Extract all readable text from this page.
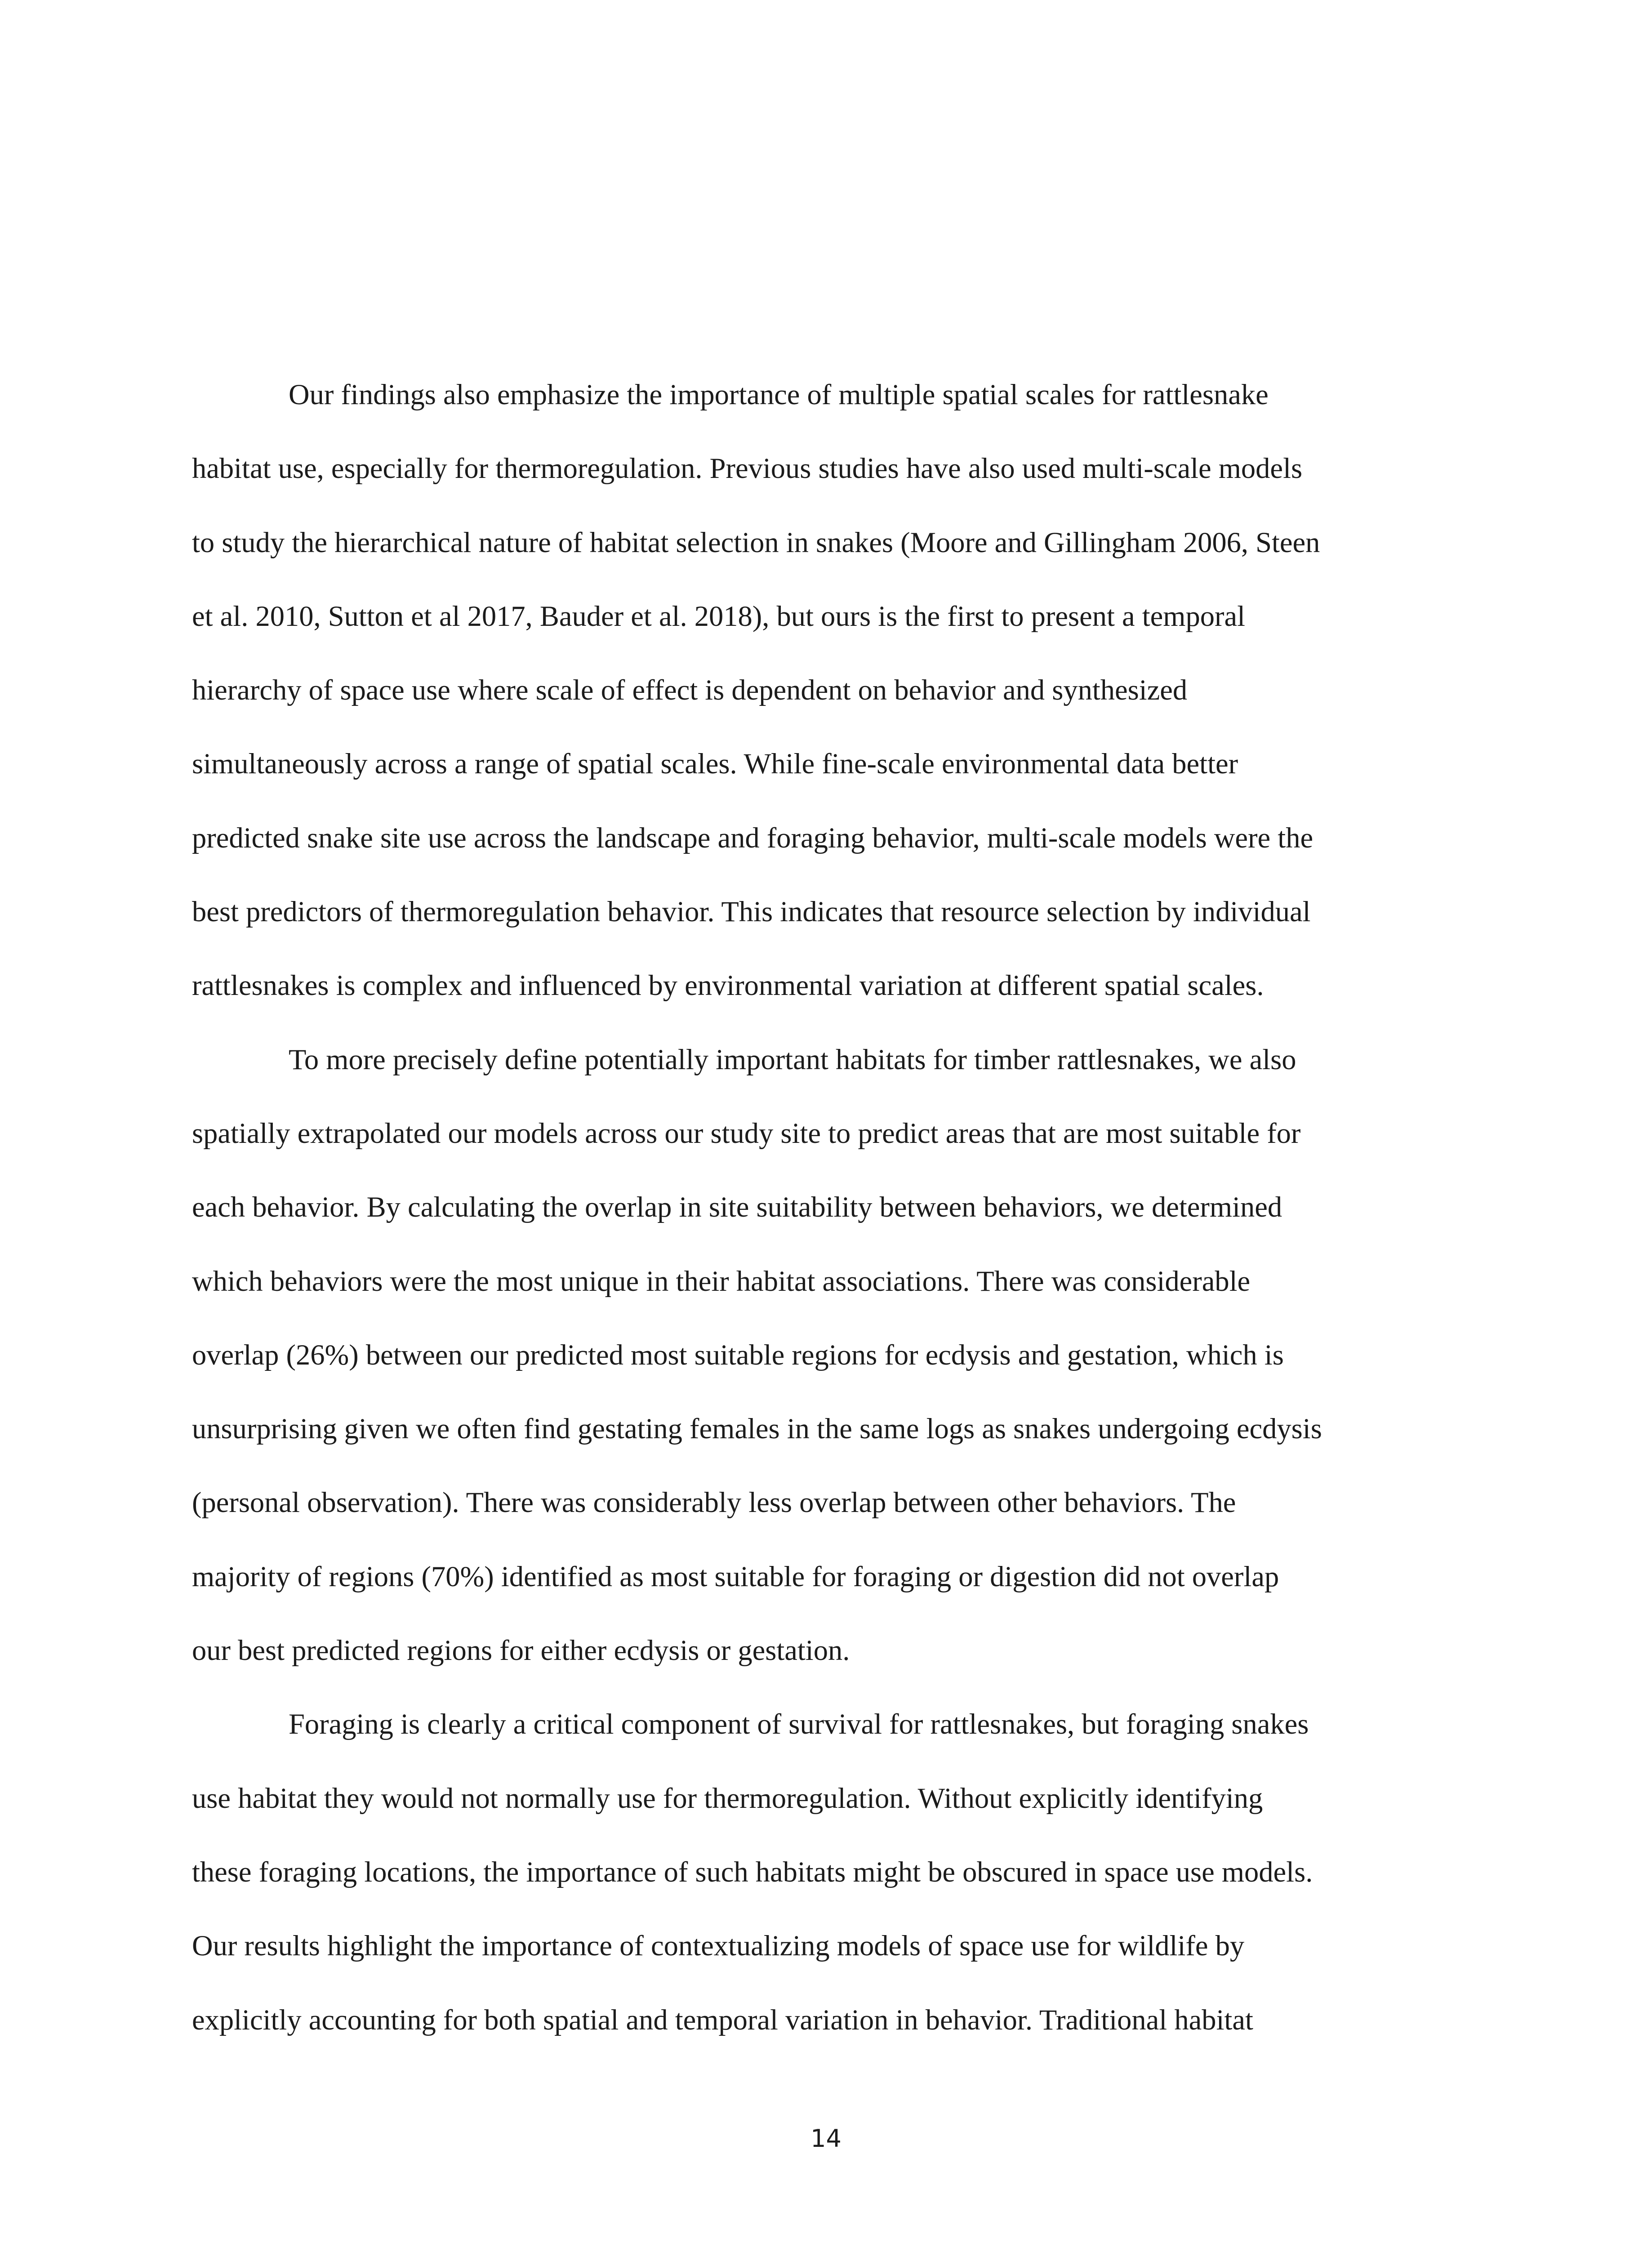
Our findings also emphasize the importance of multiple spatial scales for rattlesnake
habitat use, especially for thermoregulation. Previous studies have also used multi-scale models
to study the hierarchical nature of habitat selection in snakes (Moore and Gillingham 2006, Steen
et al. 2010, Sutton et al 2017, Bauder et al. 2018), but ours is the first to present a temporal
hierarchy of space use where scale of effect is dependent on behavior and synthesized
simultaneously across a range of spatial scales. While fine-scale environmental data better
predicted snake site use across the landscape and foraging behavior, multi-scale models were the
best predictors of thermoregulation behavior. This indicates that resource selection by individual
rattlesnakes is complex and influenced by environmental variation at different spatial scales.
To more precisely define potentially important habitats for timber rattlesnakes, we also
spatially extrapolated our models across our study site to predict areas that are most suitable for
each behavior. By calculating the overlap in site suitability between behaviors, we determined
which behaviors were the most unique in their habitat associations. There was considerable
overlap (26%) between our predicted most suitable regions for ecdysis and gestation, which is
unsurprising given we often find gestating females in the same logs as snakes undergoing ecdysis
(personal observation). There was considerably less overlap between other behaviors. The
majority of regions (70%) identified as most suitable for foraging or digestion did not overlap
our best predicted regions for either ecdysis or gestation.
Foraging is clearly a critical component of survival for rattlesnakes, but foraging snakes
use habitat they would not normally use for thermoregulation. Without explicitly identifying
these foraging locations, the importance of such habitats might be obscured in space use models.
Our results highlight the importance of contextualizing models of space use for wildlife by
explicitly accounting for both spatial and temporal variation in behavior. Traditional habitat
14
